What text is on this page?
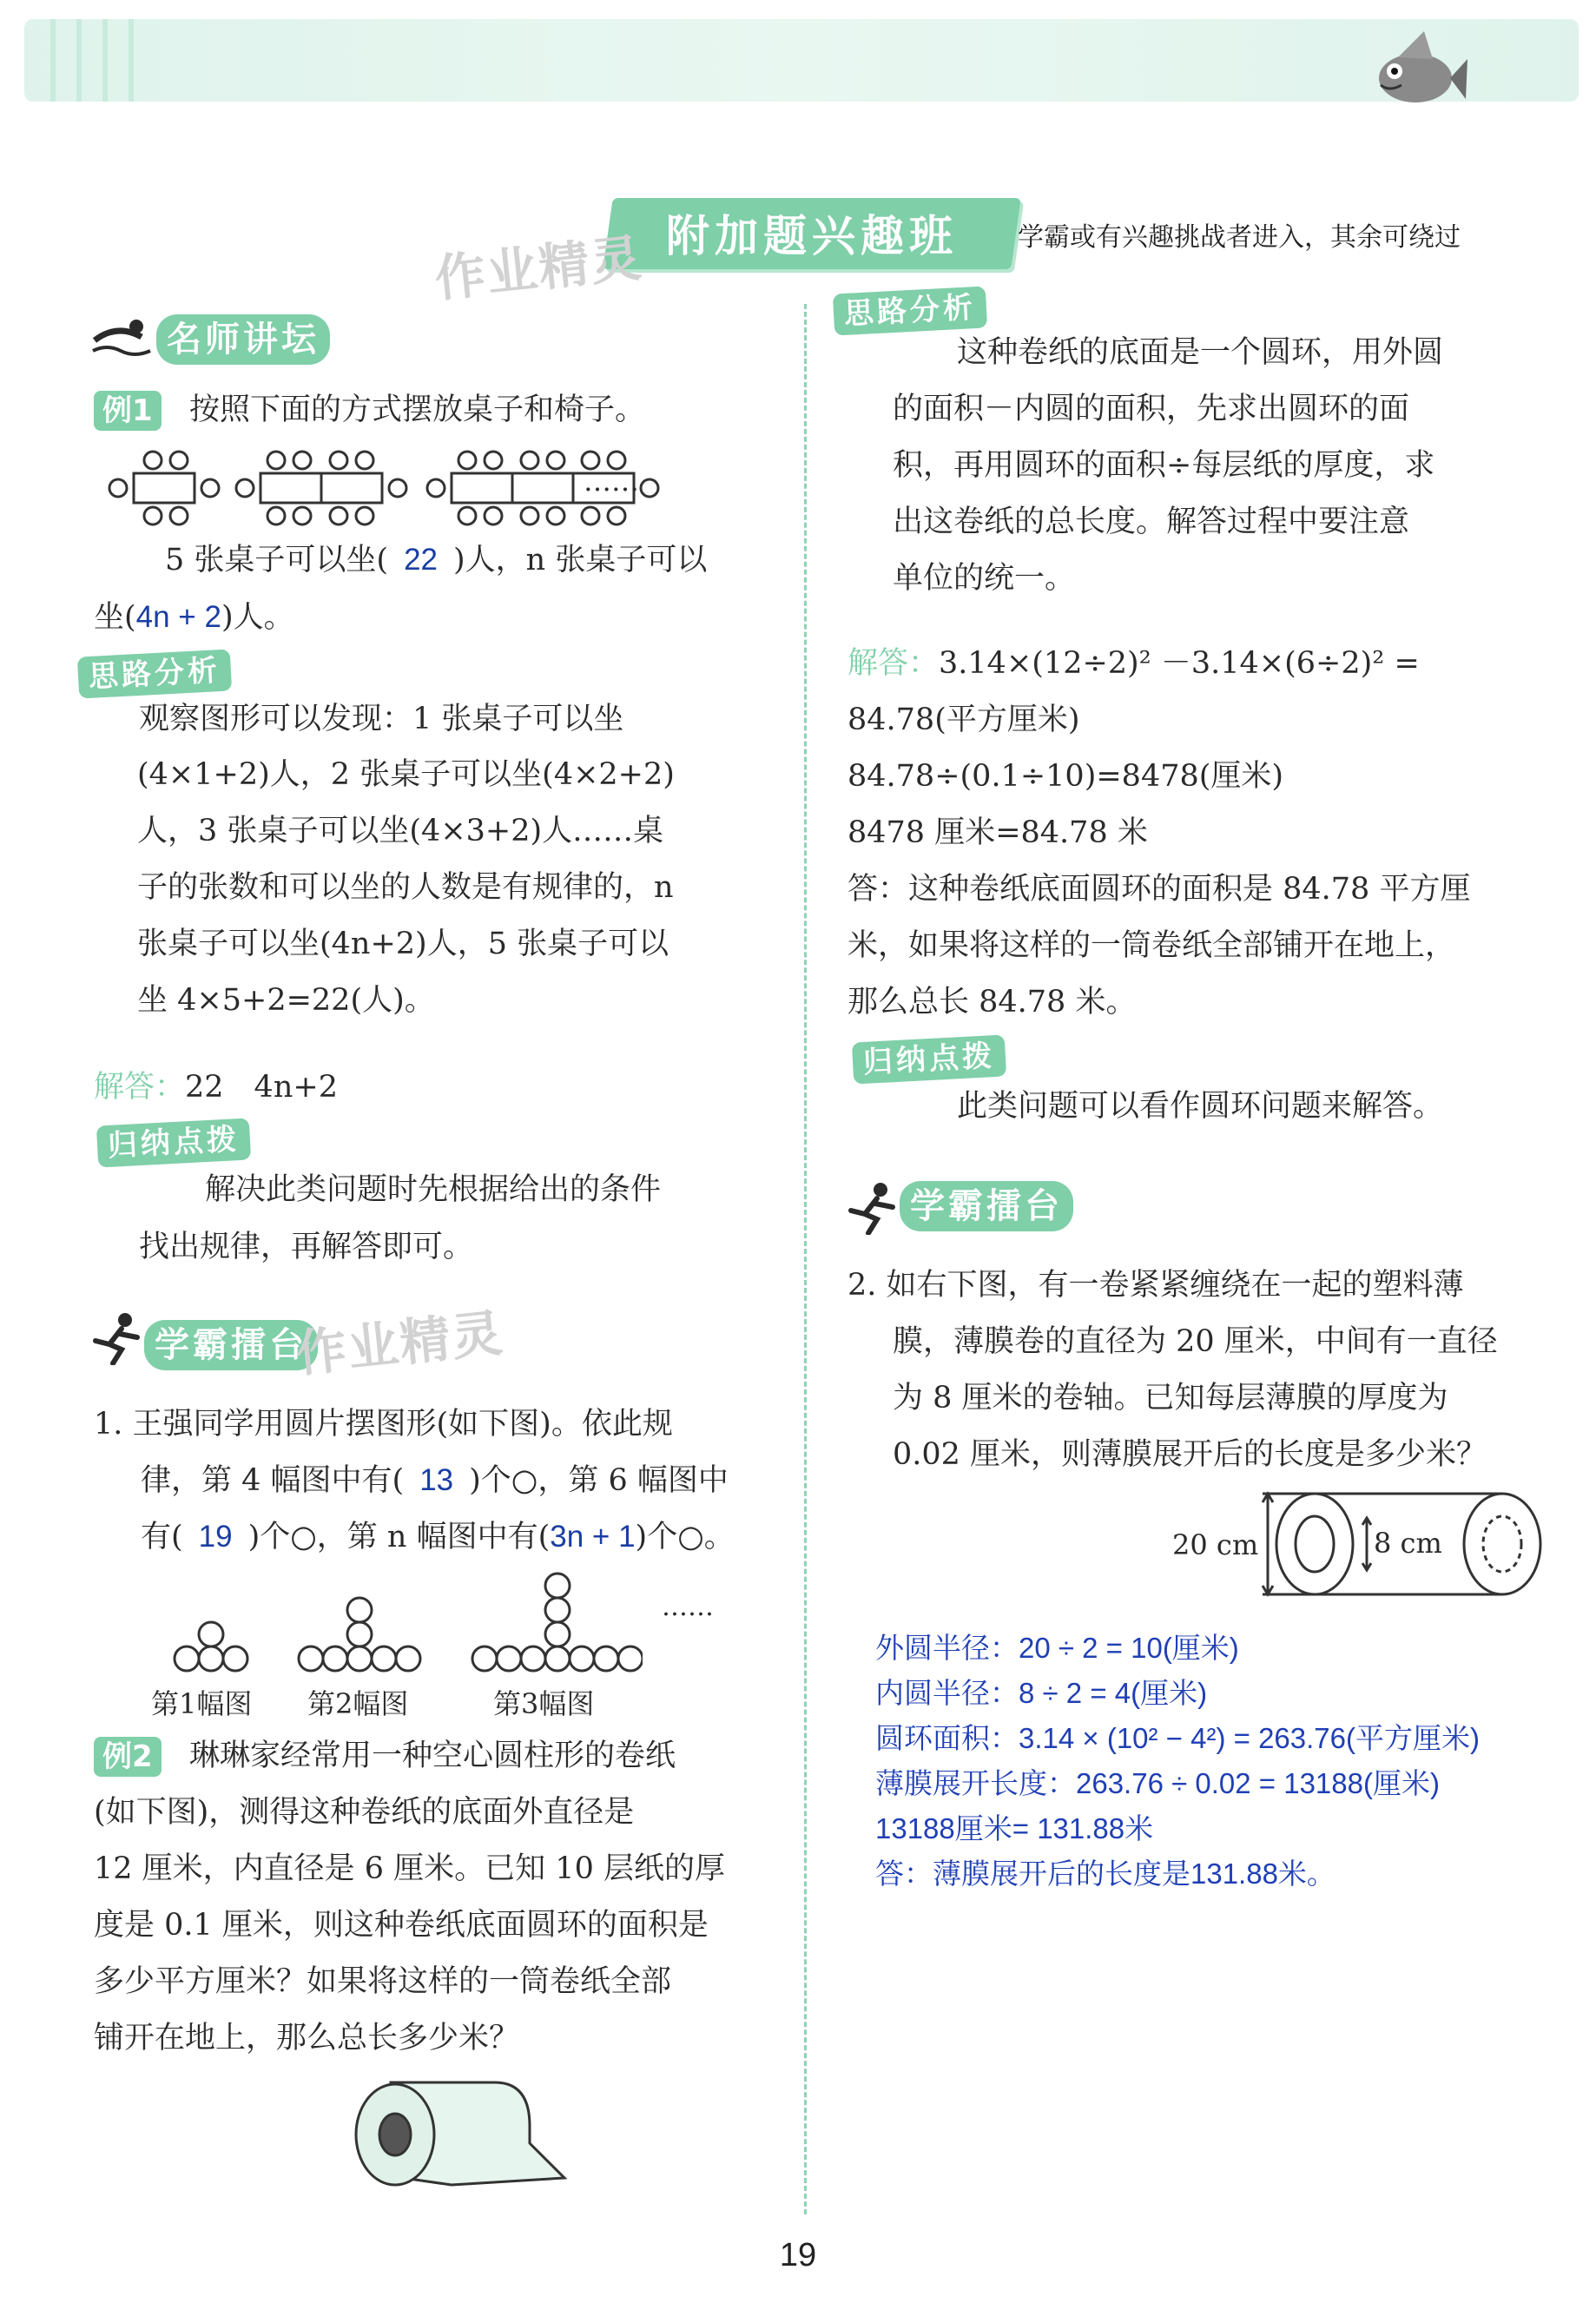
附加题兴趣班	学霸或有兴趣挑战者进入，其余可绕过
作业精灵
名师讲坛
例1 按照下面的方式摆放桌子和椅子。
……
5 张桌子可以坐( 22 )人，n 张桌子可以
坐(4n + 2)人。
思路分析
观察图形可以发现：1 张桌子可以坐
(4×1+2)人，2 张桌子可以坐(4×2+2)
人，3 张桌子可以坐(4×3+2)人……桌
子的张数和可以坐的人数是有规律的，n
张桌子可以坐(4n+2)人，5 张桌子可以
坐 4×5+2=22(人)。
解答：22　4n+2
归纳点拨
解决此类问题时先根据给出的条件
找出规律，再解答即可。
学霸擂台
作业精灵
1. 王强同学用圆片摆图形(如下图)。依此规
律，第 4 幅图中有( 13 )个○，第 6 幅图中
有( 19 )个○，第 n 幅图中有(3n + 1)个○。
……
第1幅图 第2幅图	第3幅图
例2 琳琳家经常用一种空心圆柱形的卷纸
(如下图)，测得这种卷纸的底面外直径是
12 厘米，内直径是 6 厘米。已知 10 层纸的厚
度是 0.1 厘米，则这种卷纸底面圆环的面积是
多少平方厘米？如果将这样的一筒卷纸全部
铺开在地上，那么总长多少米？
思路分析
这种卷纸的底面是一个圆环，用外圆
的面积－内圆的面积，先求出圆环的面
积，再用圆环的面积÷每层纸的厚度，求
出这卷纸的总长度。解答过程中要注意
单位的统一。
解答：3.14×(12÷2)² －3.14×(6÷2)² =
84.78(平方厘米)
84.78÷(0.1÷10)=8478(厘米)
8478 厘米=84.78 米
答：这种卷纸底面圆环的面积是 84.78 平方厘
米，如果将这样的一筒卷纸全部铺开在地上，
那么总长 84.78 米。
归纳点拨
此类问题可以看作圆环问题来解答。
学霸擂台
2. 如右下图，有一卷紧紧缠绕在一起的塑料薄
膜，薄膜卷的直径为 20 厘米，中间有一直径
为 8 厘米的卷轴。已知每层薄膜的厚度为
0.02 厘米，则薄膜展开后的长度是多少米？
20 cm	8 cm
外圆半径：20 ÷ 2 = 10(厘米)
内圆半径：8 ÷ 2 = 4(厘米)
圆环面积：3.14 × (10² − 4²) = 263.76(平方厘米)
薄膜展开长度：263.76 ÷ 0.02 = 13188(厘米)
13188厘米= 131.88米
答：薄膜展开后的长度是131.88米。
19
